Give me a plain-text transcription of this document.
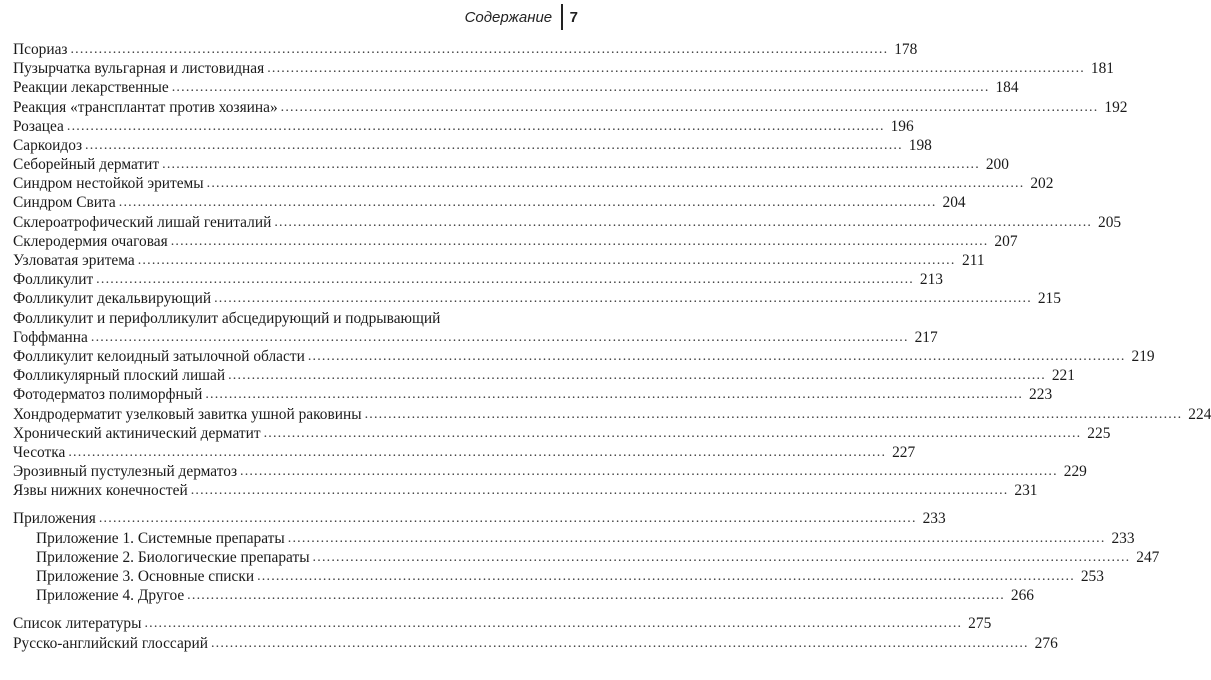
Содержание 7
Псориаз .............................................................................................................................................................................. 178
Пузырчатка вульгарная и листовидная .............................................................................................................................................................................. 181
Реакции лекарственные .............................................................................................................................................................................. 184
Реакция «трансплантат против хозяина» .............................................................................................................................................................................. 192
Розацеа .............................................................................................................................................................................. 196
Саркоидоз .............................................................................................................................................................................. 198
Себорейный дерматит .............................................................................................................................................................................. 200
Синдром нестойкой эритемы .............................................................................................................................................................................. 202
Синдром Свита .............................................................................................................................................................................. 204
Склероатрофический лишай гениталий .............................................................................................................................................................................. 205
Склеродермия очаговая .............................................................................................................................................................................. 207
Узловатая эритема .............................................................................................................................................................................. 211
Фолликулит .............................................................................................................................................................................. 213
Фолликулит декальвирующий .............................................................................................................................................................................. 215
Фолликулит и перифолликулит абсцедирующий и подрывающий
Гоффманна .............................................................................................................................................................................. 217
Фолликулит келоидный затылочной области .............................................................................................................................................................................. 219
Фолликулярный плоский лишай .............................................................................................................................................................................. 221
Фотодерматоз полиморфный .............................................................................................................................................................................. 223
Хондродерматит узелковый завитка ушной раковины .............................................................................................................................................................................. 224
Хронический актинический дерматит .............................................................................................................................................................................. 225
Чесотка .............................................................................................................................................................................. 227
Эрозивный пустулезный дерматоз .............................................................................................................................................................................. 229
Язвы нижних конечностей .............................................................................................................................................................................. 231
Приложения .............................................................................................................................................................................. 233
Приложение 1. Системные препараты .............................................................................................................................................................................. 233
Приложение 2. Биологические препараты .............................................................................................................................................................................. 247
Приложение 3. Основные списки .............................................................................................................................................................................. 253
Приложение 4. Другое .............................................................................................................................................................................. 266
Список литературы .............................................................................................................................................................................. 275
Русско-английский глоссарий .............................................................................................................................................................................. 276
